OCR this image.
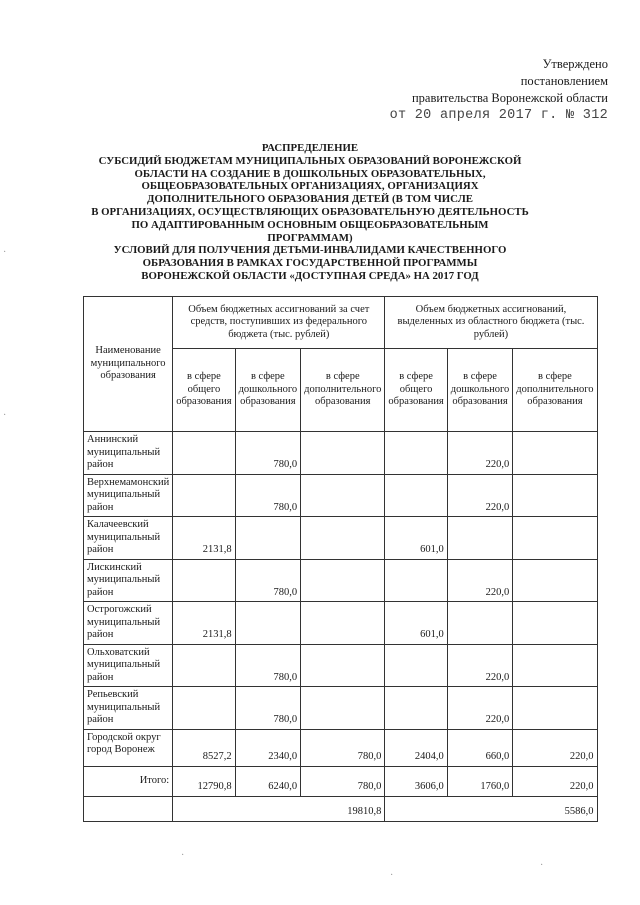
Утверждено
постановлением
правительства Воронежской области
от 20 апреля 2017 г. № 312
РАСПРЕДЕЛЕНИЕ
СУБСИДИЙ БЮДЖЕТАМ МУНИЦИПАЛЬНЫХ ОБРАЗОВАНИЙ ВОРОНЕЖСКОЙ
ОБЛАСТИ НА СОЗДАНИЕ В ДОШКОЛЬНЫХ ОБРАЗОВАТЕЛЬНЫХ,
ОБЩЕОБРАЗОВАТЕЛЬНЫХ ОРГАНИЗАЦИЯХ, ОРГАНИЗАЦИЯХ
ДОПОЛНИТЕЛЬНОГО ОБРАЗОВАНИЯ ДЕТЕЙ (В ТОМ ЧИСЛЕ
В ОРГАНИЗАЦИЯХ, ОСУЩЕСТВЛЯЮЩИХ ОБРАЗОВАТЕЛЬНУЮ ДЕЯТЕЛЬНОСТЬ
ПО АДАПТИРОВАННЫМ ОСНОВНЫМ ОБЩЕОБРАЗОВАТЕЛЬНЫМ ПРОГРАММАМ)
УСЛОВИЙ ДЛЯ ПОЛУЧЕНИЯ ДЕТЬМИ-ИНВАЛИДАМИ КАЧЕСТВЕННОГО
ОБРАЗОВАНИЯ В РАМКАХ ГОСУДАРСТВЕННОЙ ПРОГРАММЫ
ВОРОНЕЖСКОЙ ОБЛАСТИ «ДОСТУПНАЯ СРЕДА» НА 2017 ГОД
Наименование муниципального образования	Объем бюджетных ассигнований за счет средств, поступивших из федерального бюджета (тыс. рублей)			Объем бюджетных ассигнований, выделенных из областного бюджета (тыс. рублей)		
	в сфере общего образования	в сфере дошкольного образования	в сфере дополнительного образования	в сфере общего образования	в сфере дошкольного образования	в сфере дополнительного образования
Аннинский муниципальный район		780,0			220,0	
Верхнемамонский муниципальный район		780,0			220,0	
Калачеевский муниципальный район	2131,8			601,0		
Лискинский муниципальный район		780,0			220,0	
Острогожский муниципальный район	2131,8			601,0		
Ольховатский муниципальный район		780,0			220,0	
Репьевский муниципальный район		780,0			220,0	
Городской округ город Воронеж	8527,2	2340,0	780,0	2404,0	660,0	220,0
Итого:	12790,8	6240,0	780,0	3606,0	1760,0	220,0
	19810,8			5586,0		
·
·
·
·
·
